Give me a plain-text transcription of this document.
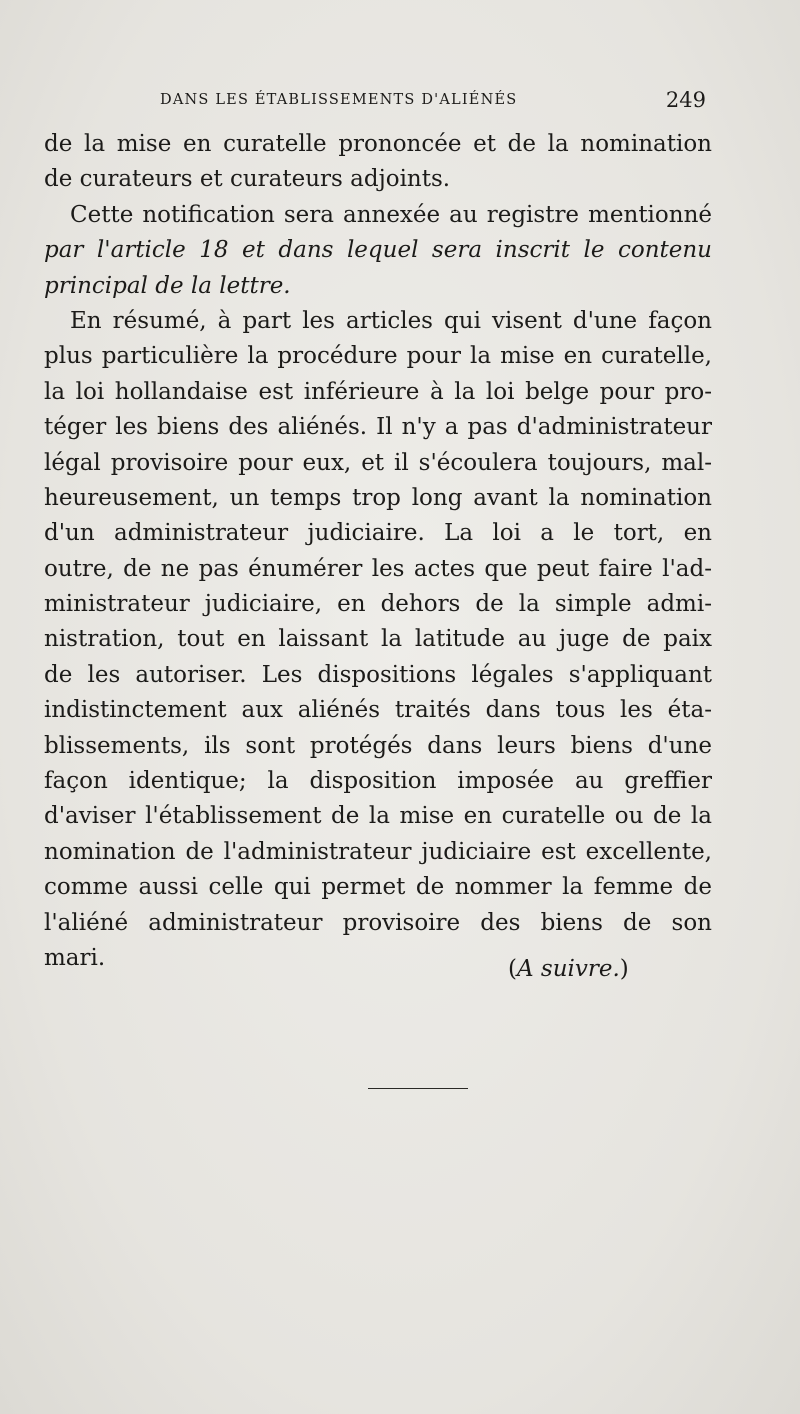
DANS LES ÉTABLISSEMENTS D'ALIÉNÉS	249
de la mise en curatelle prononcée et de la nomination
de curateurs et curateurs adjoints.
Cette notification sera annexée au registre mentionné
par l'article 18 et dans lequel sera inscrit le contenu
principal de la lettre.
En résumé, à part les articles qui visent d'une façon
plus particulière la procédure pour la mise en curatelle,
la loi hollandaise est inférieure à la loi belge pour pro-
téger les biens des aliénés. Il n'y a pas d'administrateur
légal provisoire pour eux, et il s'écoulera toujours, mal-
heureusement, un temps trop long avant la nomination
d'un administrateur judiciaire. La loi a le tort, en
outre, de ne pas énumérer les actes que peut faire l'ad-
ministrateur judiciaire, en dehors de la simple admi-
nistration, tout en laissant la latitude au juge de paix
de les autoriser. Les dispositions légales s'appliquant
indistinctement aux aliénés traités dans tous les éta-
blissements, ils sont protégés dans leurs biens d'une
façon identique; la disposition imposée au greffier
d'aviser l'établissement de la mise en curatelle ou de la
nomination de l'administrateur judiciaire est excellente,
comme aussi celle qui permet de nommer la femme de
l'aliéné administrateur provisoire des biens de son
mari.	(A suivre.)
